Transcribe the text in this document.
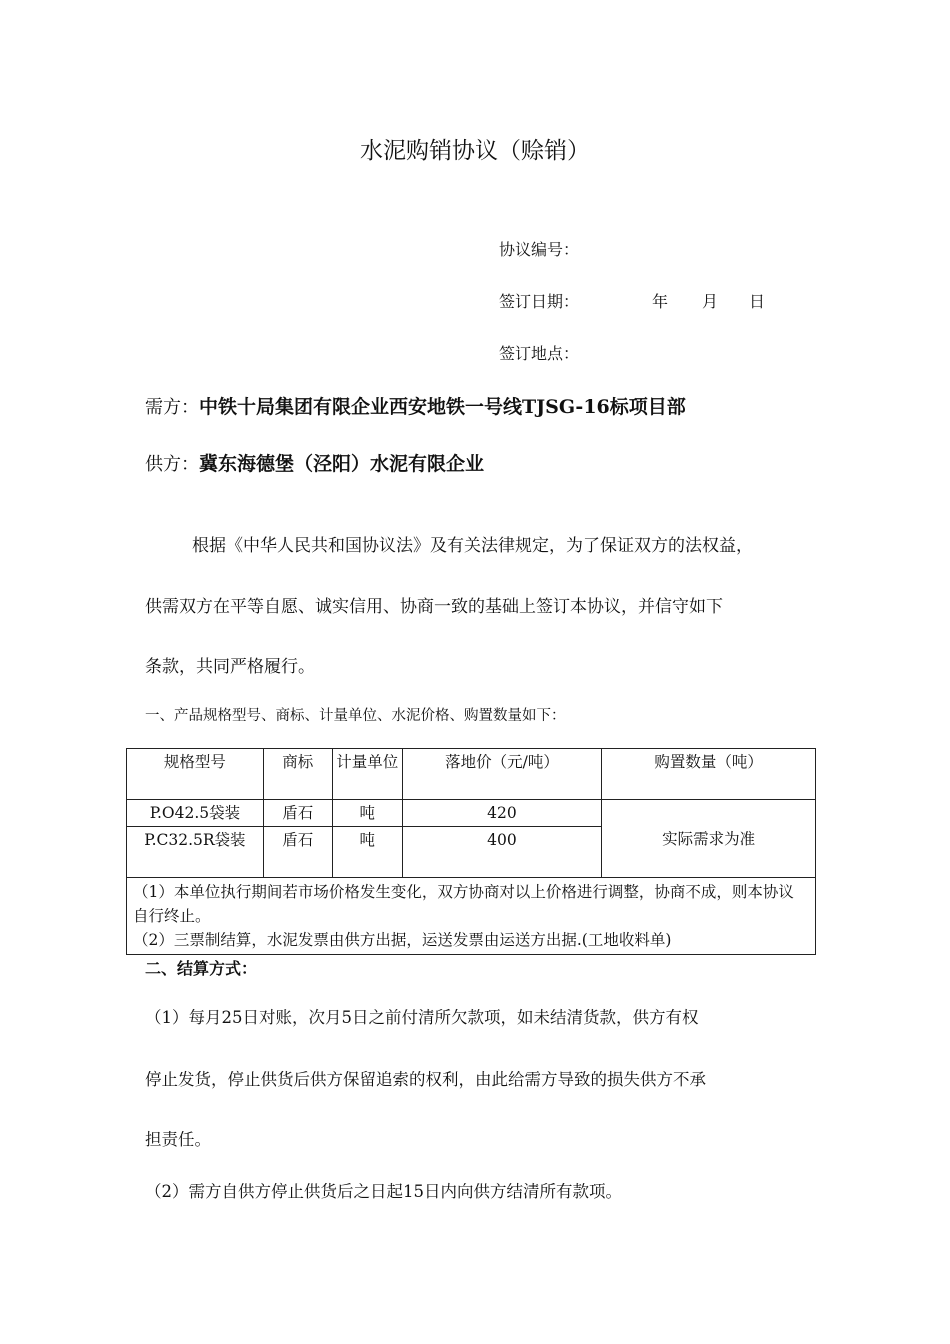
水泥购销协议（赊销）
协议编号：
签订日期：	年 月 日
签订地点：
需方：中铁十局集团有限企业西安地铁一号线TJSG-16标项目部
供方：冀东海德堡（泾阳）水泥有限企业
根据《中华人民共和国协议法》及有关法律规定，为了保证双方的法权益，
供需双方在平等自愿、诚实信用、协商一致的基础上签订本协议，并信守如下
条款，共同严格履行。
一、产品规格型号、商标、计量单位、水泥价格、购置数量如下：
规格型号	商标	计量单位	落地价（元/吨）	购置数量（吨）
P.O42.5袋装	盾石	吨	420	实际需求为准
P.C32.5R袋装	盾石	吨	400	

（1）本单位执行期间若市场价格发生变化，双方协商对以上价格进行调整，协商不成，则本协议自行终止。
（2）三票制结算，水泥发票由供方出据，运送发票由运送方出据.(工地收料单)				
二、结算方式：
（1）每月25日对账，次月5日之前付清所欠款项，如未结清货款，供方有权
停止发货，停止供货后供方保留追索的权利，由此给需方导致的损失供方不承
担责任。
（2）需方自供方停止供货后之日起15日内向供方结清所有款项。
